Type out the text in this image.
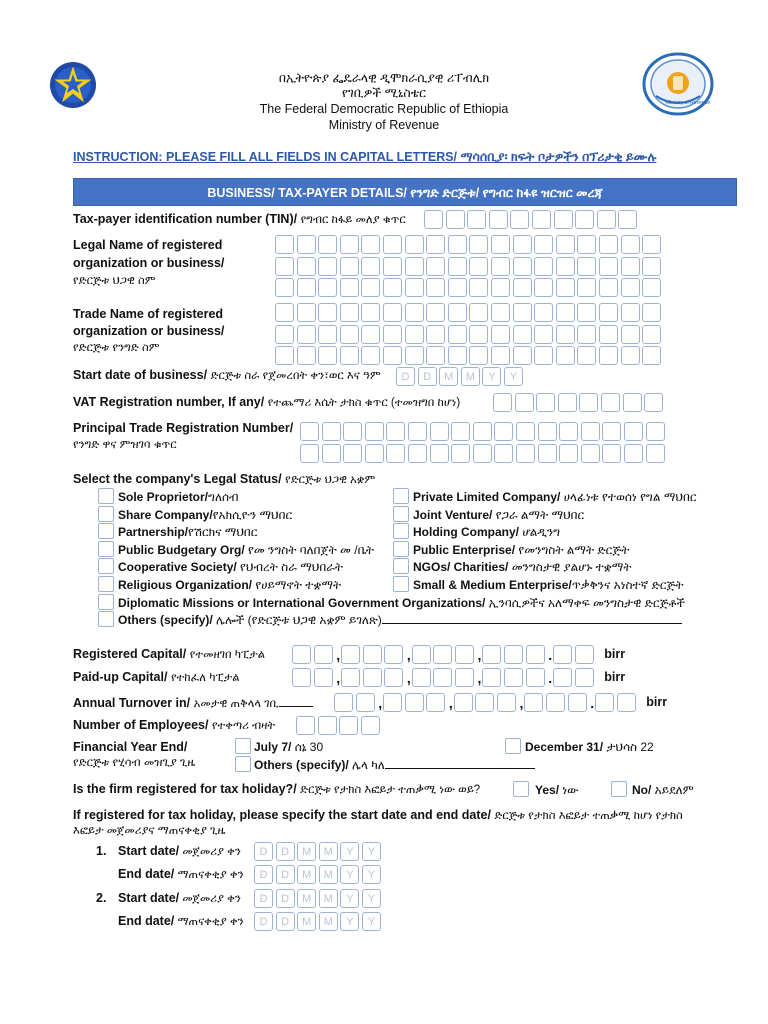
Ministry of Revenue
በኢትዮጵያ ፌዴራላዊ ዲሞክራሲያዊ ሪፐብሊክ
የገቢዎች ሚኒስቴር
The Federal Democratic Republic of Ethiopia
Ministry of Revenue
INSTRUCTION: PLEASE FILL ALL FIELDS IN CAPITAL LETTERS/ ማሳሰቢያ፡ ክፍት ቦታዎችን በፕሪታቂ ይሙሉ
BUSINESS/ TAX-PAYER DETAILS/ የንግድ ድርጅቱ/ የግብር ከፋዩ ዝርዝር መረጃ
Tax-payer identification number (TIN)/ የግብር ከፋይ መለያ ቁጥር
Legal Name of registered
organization or business/
የድርጅቱ ህጋዊ ስም
Trade Name of registered
organization or business/
የድርጅቱ የንግድ ስም
Start date of business/ ድርጅቱ ስራ የጀመረበት ቀን፣ወር እና ዓም	D	D	M	M	Y	Y
VAT Registration number, If any/ የተጨማሪ እሴት ታክስ ቁጥር (ተመዝግበ ከሆነ)
Principal Trade Registration Number/
የንግድ ዋና ምዝገባ ቁጥር
Select the company's Legal Status/ የድርጅቱ ህጋዊ አቋም
Sole Proprietor/ግለሰብ
Share Company/የአክሲዮን ማህበር
Partnership/የሽርክና ማህበር
Public Budgetary Org/ የመ ንግስት ባለበጀት መ /ቤት
Cooperative Society/ የህብረት ስራ ማህበራት
Religious Organization/ የሀይማኖት ተቋማት
Private Limited Company/ ሀላፊነቱ የተወሰነ የግል ማህበር
Joint Venture/ የጋራ ልማት ማህበር
Holding Company/ ሆልዲንግ
Public Enterprise/ የመንግስት ልማት ድርጅት
NGOs/ Charities/ መንግስታዊ ያልሆኑ ተቋማት
Small & Medium Enterprise/ጥቃቅንና አነስተኛ ድርጅት
Diplomatic Missions or International Government Organizations/ ኢንባሲዎችና አለማቀፍ መንግስታዊ ድርጅቶች
Others (specify)/ ሌሎች (የድርጅቱ ህጋዊ አቋም ይገለጽ)
Registered Capital/ የተመዘገበ ካፒታል	,	,	,	.	birr
Paid-up Capital/ የተከፈለ ካፒታል	,	,	,	.	birr
Annual Turnover in/ አመታዊ ጠቅላላ ገቢ	,	,	,	.	birr
Number of Employees/ የተቀጣሪ ብዛት
Financial Year End/
የድርጅቱ የሂሳብ መዝጊያ ጊዜ
July 7/ ሰኔ 30	December 31/ ታህሳስ 22
Others (specify)/ ሌላ ካለ
Is the firm registered for tax holiday?/ ድርጅቱ የታክስ እፎይታ ተጠቃሚ ነው ወይ?	Yes/ ነው	No/ አይደለም
If registered for tax holiday, please specify the start date and end date/ ድርጅቱ የታክስ እፎይታ ተጠቃሚ ከሆነ የታክስ
እፎይታ መጀመሪያና ማጠናቀቂያ ጊዜ
1. Start date/ መጀመሪያ ቀን	D	D	M	M	Y	Y
End date/ ማጠናቀቂያ ቀን	D	D	M	M	Y	Y
2. Start date/ መጀመሪያ ቀን	D	D	M	M	Y	Y
End date/ ማጠናቀቂያ ቀን	D	D	M	M	Y	Y
